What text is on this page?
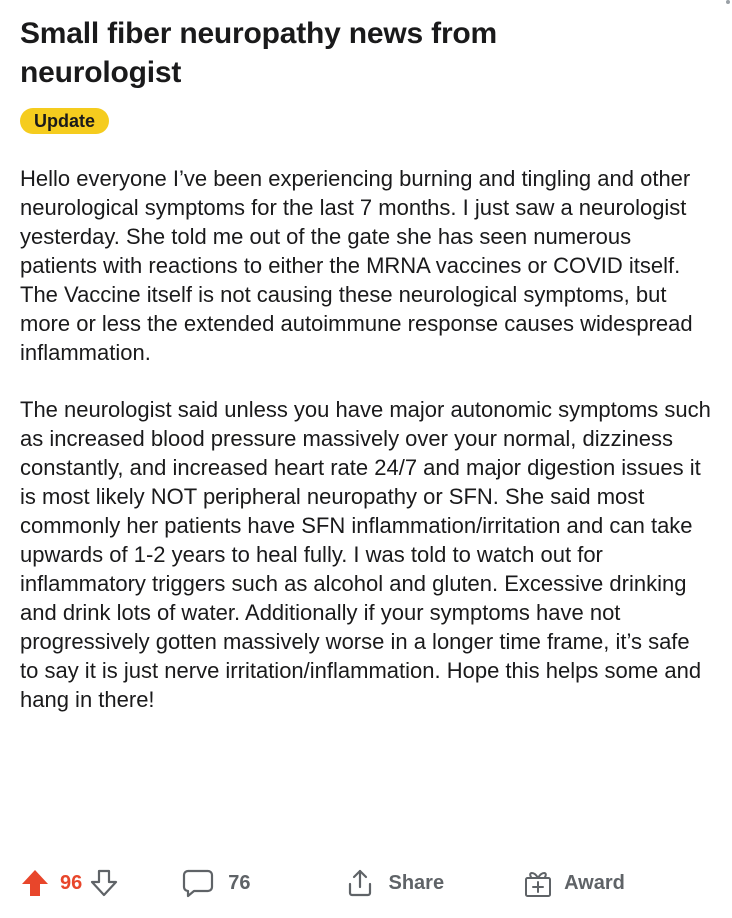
Small fiber neuropathy news from neurologist
Update

Hello everyone I’ve been experiencing burning and tingling and other neurological symptoms for the last 7 months. I just saw a neurologist yesterday. She told me out of the gate she has seen numerous patients with reactions to either the MRNA vaccines or COVID itself. The Vaccine itself is not causing these neurological symptoms, but more or less the extended autoimmune response causes widespread inflammation.

The neurologist said unless you have major autonomic symptoms such as increased blood pressure massively over your normal, dizziness constantly, and increased heart rate 24/7 and major digestion issues it is most likely NOT peripheral neuropathy or SFN. She said most commonly her patients have SFN inflammation/irritation and can take upwards of 1-2 years to heal fully. I was told to watch out for inflammatory triggers such as alcohol and gluten. Excessive drinking and drink lots of water. Additionally if your symptoms have not progressively gotten massively worse in a longer time frame, it’s safe to say it is just nerve irritation/inflammation. Hope this helps some and hang in there!

96	76	Share	Award
